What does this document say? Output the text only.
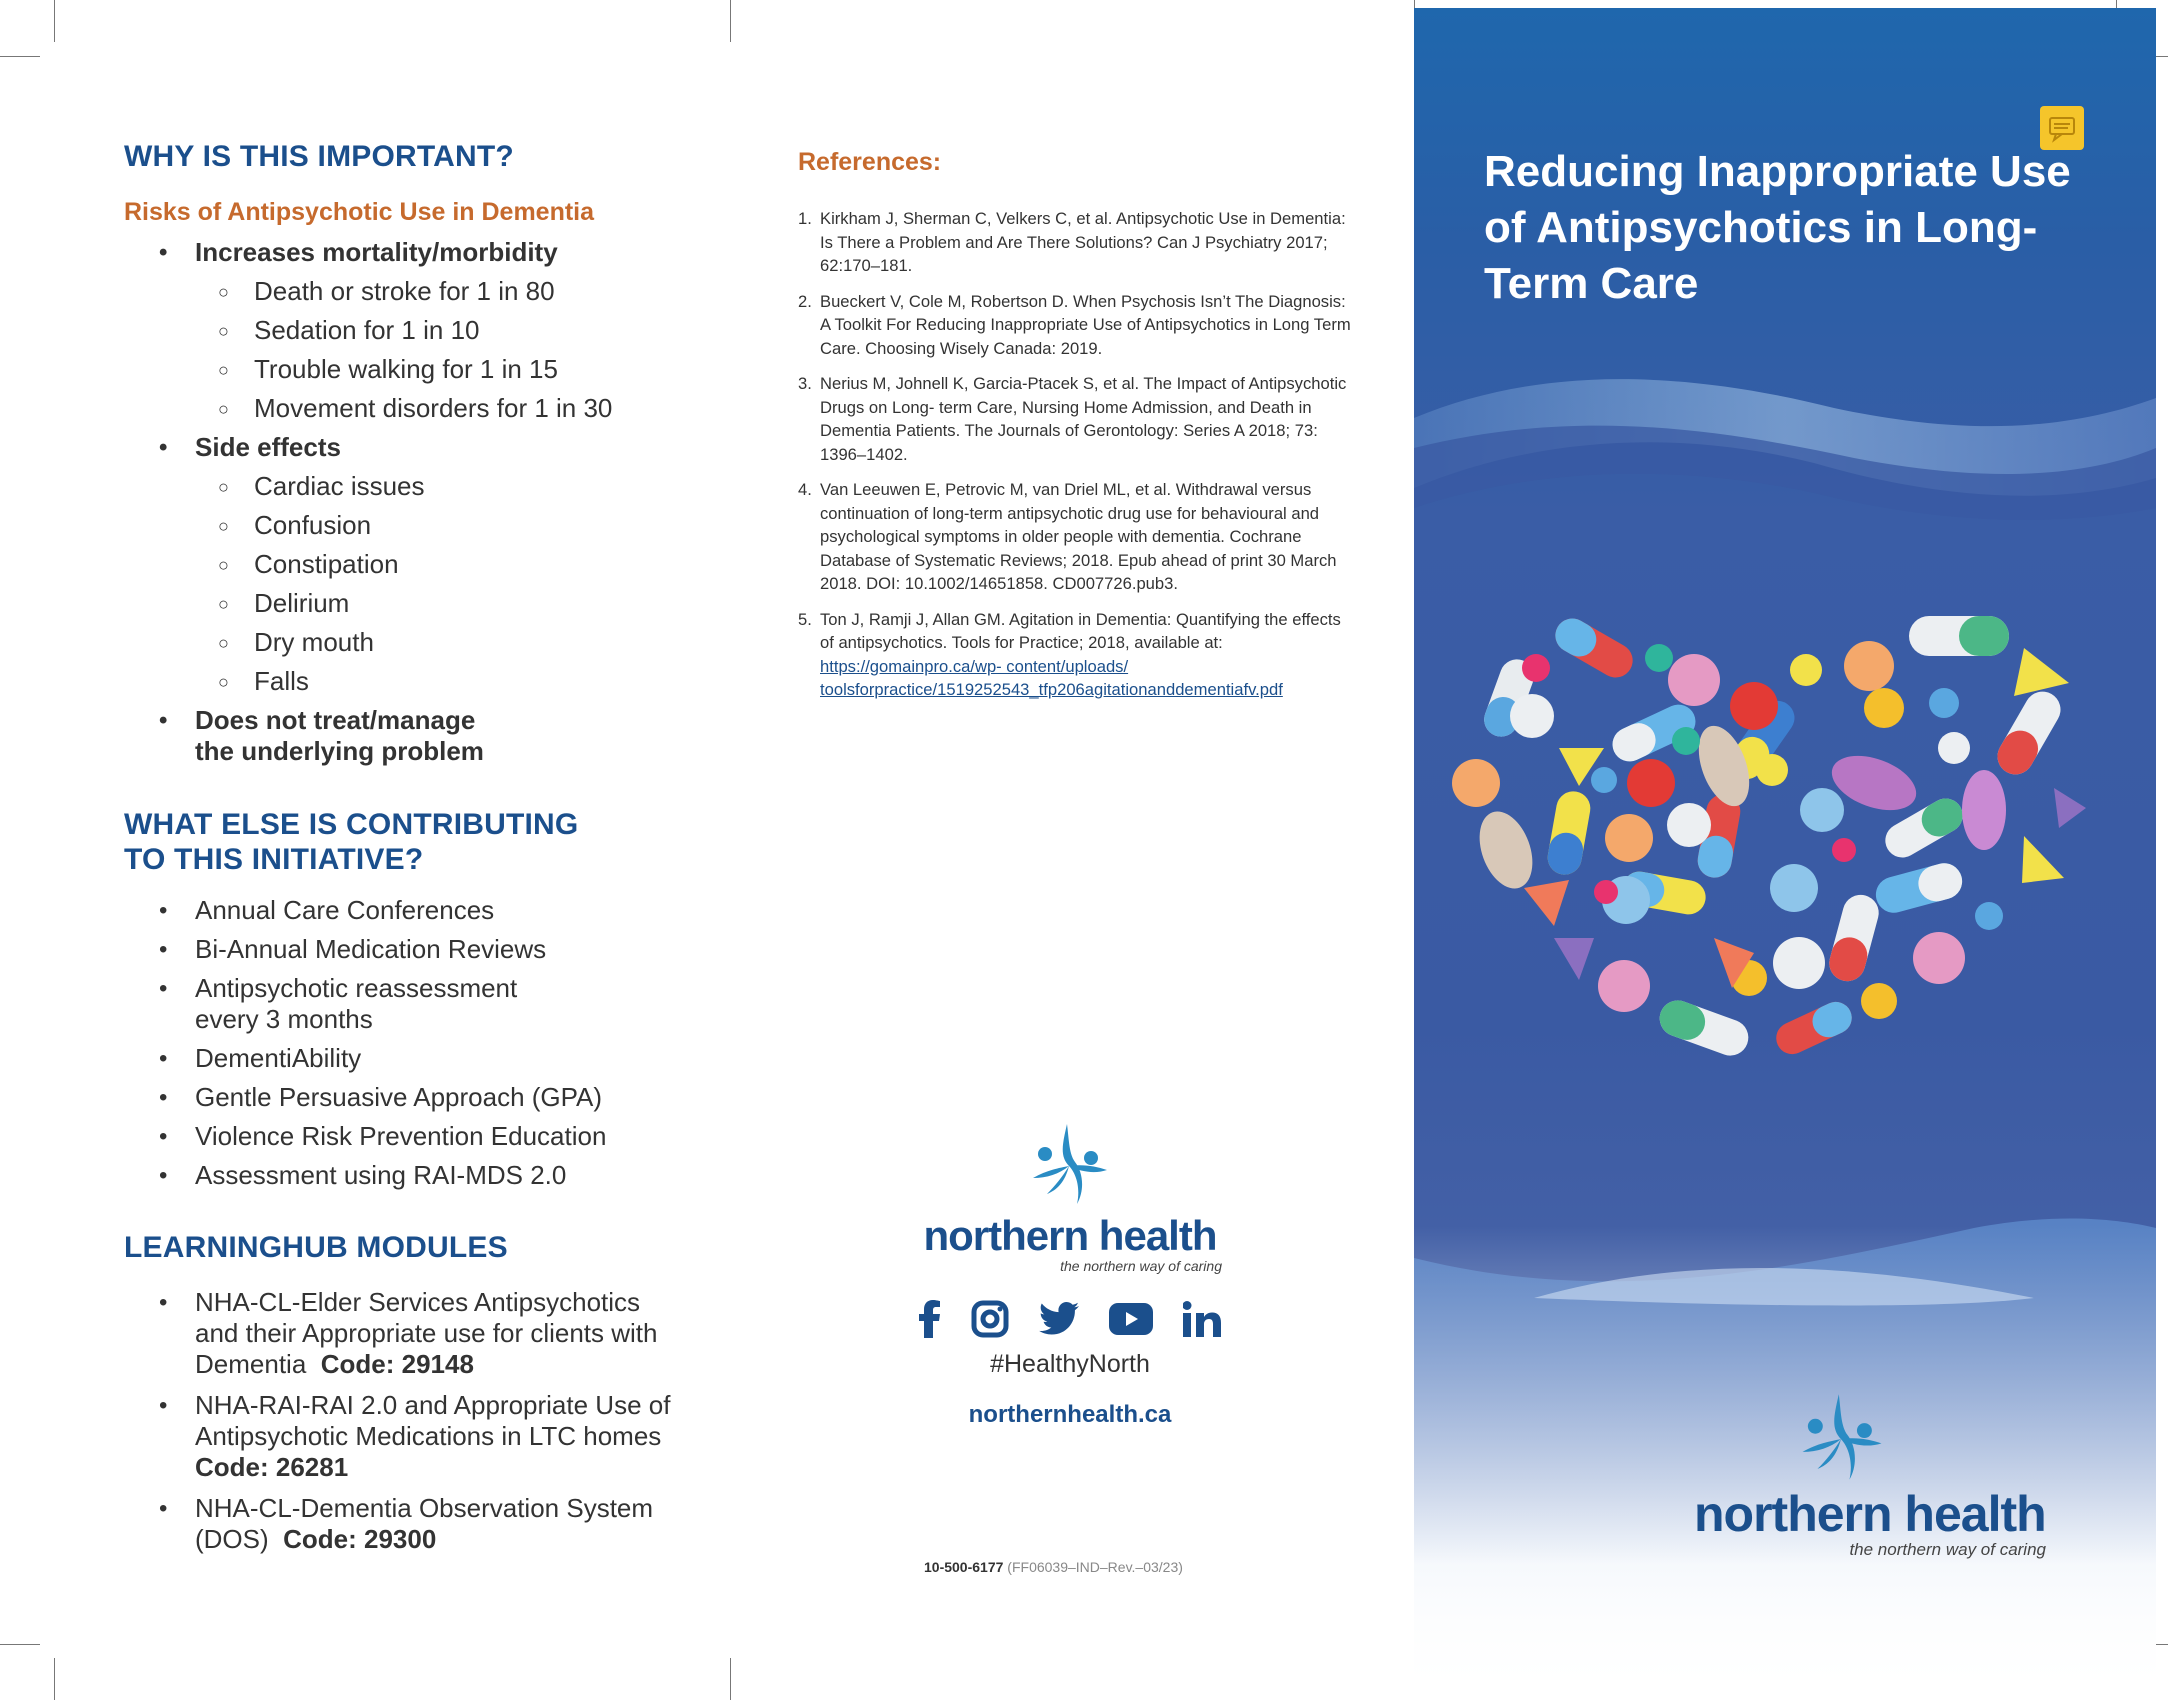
WHY IS THIS IMPORTANT?
Risks of Antipsychotic Use in Dementia
• Increases mortality/morbidity
○ Death or stroke for 1 in 80
○ Sedation for 1 in 10
○ Trouble walking for 1 in 15
○ Movement disorders for 1 in 30
• Side effects
○ Cardiac issues
○ Confusion
○ Constipation
○ Delirium
○ Dry mouth
○ Falls
• Does not treat/manage the underlying problem
WHAT ELSE IS CONTRIBUTING TO THIS INITIATIVE?
• Annual Care Conferences
• Bi-Annual Medication Reviews
• Antipsychotic reassessment every 3 months
• DementiAbility
• Gentle Persuasive Approach (GPA)
• Violence Risk Prevention Education
• Assessment using RAI-MDS 2.0
LEARNINGHUB MODULES
• NHA-CL-Elder Services Antipsychotics and their Appropriate use for clients with Dementia Code: 29148
• NHA-RAI-RAI 2.0 and Appropriate Use of Antipsychotic Medications in LTC homes  Code: 26281
• NHA-CL-Dementia Observation System (DOS) Code: 29300
References:
1. Kirkham J, Sherman C, Velkers C, et al. Antipsychotic Use in Dementia: Is There a Problem and Are There Solutions? Can J Psychiatry 2017; 62:170–181.
2. Bueckert V, Cole M, Robertson D. When Psychosis Isn’t The Diagnosis: A Toolkit For Reducing Inappropriate Use of Antipsychotics in Long Term Care. Choosing Wisely Canada: 2019.
3. Nerius M, Johnell K, Garcia-Ptacek S, et al. The Impact of Antipsychotic Drugs on Long- term Care, Nursing Home Admission, and Death in Dementia Patients. The Journals of Gerontology: Series A 2018; 73: 1396–1402.
4. Van Leeuwen E, Petrovic M, van Driel ML, et al. Withdrawal versus continuation of long-term antipsychotic drug use for behavioural and psychological symptoms in older people with dementia. Cochrane Database of Systematic Reviews; 2018. Epub ahead of print 30 March 2018. DOI: 10.1002/14651858. CD007726.pub3.
5. Ton J, Ramji J, Allan GM. Agitation in Dementia: Quantifying the effects of antipsychotics. Tools for Practice; 2018, available at: https://gomainpro.ca/wp- content/uploads/ toolsforpractice/1519252543_tfp206agitationanddementiafv.pdf
northern health
the northern way of caring
#HealthyNorth
northernhealth.ca
10-500-6177 (FF06039–IND–Rev.–03/23)
Reducing Inappropriate Use of Antipsychotics in Long-Term Care
northern health
the northern way of caring
